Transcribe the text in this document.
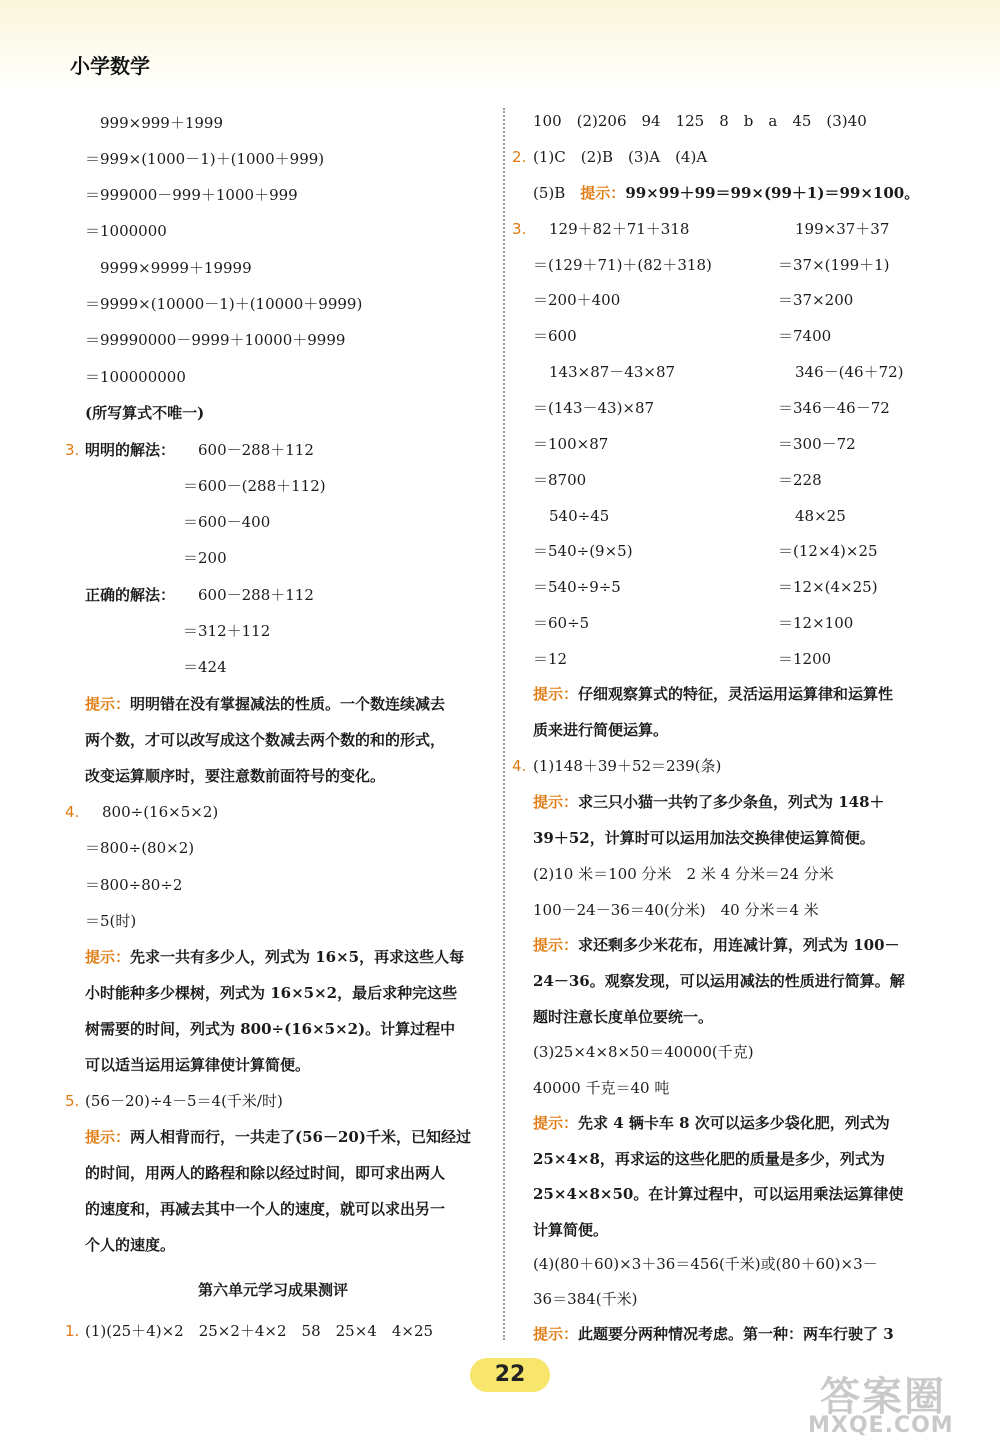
小学数学
999×999＋1999
＝999×(1000－1)＋(1000＋999)
＝999000－999＋1000＋999
＝1000000
9999×9999＋19999
＝9999×(10000－1)＋(10000＋9999)
＝99990000－9999＋10000＋9999
＝100000000
(所写算式不唯一)
3. 明明的解法： 600－288＋112
＝600－(288＋112)
＝600－400
＝200
正确的解法： 600－288＋112
＝312＋112
＝424
提示：明明错在没有掌握减法的性质。一个数连续减去
两个数，才可以改写成这个数减去两个数的和的形式，
改变运算顺序时，要注意数前面符号的变化。
4. 800÷(16×5×2)
＝800÷(80×2)
＝800÷80÷2
＝5(时)
提示：先求一共有多少人，列式为 16×5，再求这些人每
小时能种多少棵树，列式为 16×5×2，最后求种完这些
树需要的时间，列式为 800÷(16×5×2)。计算过程中
可以适当运用运算律使计算简便。
5. (56－20)÷4－5＝4(千米/时)
提示：两人相背而行，一共走了(56－20)千米，已知经过
的时间，用两人的路程和除以经过时间，即可求出两人
的速度和，再减去其中一个人的速度，就可以求出另一
个人的速度。
第六单元学习成果测评
1. (1)(25＋4)×2　25×2＋4×2　58　25×4　4×25
100　(2)206　94　125　8　b　a　45　(3)40
2. (1)C　(2)B　(3)A　(4)A
(5)B　 提示：99×99＋99＝99×(99＋1)＝99×100。
3. 129＋82＋71＋318
＝(129＋71)＋(82＋318)
＝200＋400
＝600
199×37＋37
＝37×(199＋1)
＝37×200
＝7400
143×87－43×87
＝(143－43)×87
＝100×87
＝8700
346－(46＋72)
＝346－46－72
＝300－72
＝228
540÷45
＝540÷(9×5)
＝540÷9÷5
＝60÷5
＝12
48×25
＝(12×4)×25
＝12×(4×25)
＝12×100
＝1200
提示：仔细观察算式的特征，灵活运用运算律和运算性
质来进行简便运算。
4. (1)148＋39＋52＝239(条)
提示：求三只小猫一共钓了多少条鱼，列式为 148＋
39＋52，计算时可以运用加法交换律使运算简便。
(2)10 米＝100 分米　2 米 4 分米＝24 分米
100－24－36＝40(分米)　40 分米＝4 米
提示：求还剩多少米花布，用连减计算，列式为 100－
24－36。观察发现，可以运用减法的性质进行简算。解
题时注意长度单位要统一。
(3)25×4×8×50＝40000(千克)
40000 千克＝40 吨
提示：先求 4 辆卡车 8 次可以运多少袋化肥，列式为
25×4×8，再求运的这些化肥的质量是多少，列式为
25×4×8×50。在计算过程中，可以运用乘法运算律使
计算简便。
(4)(80＋60)×3＋36＝456(千米)或(80＋60)×3－
36＝384(千米)
提示：此题要分两种情况考虑。第一种：两车行驶了 3
22	答案圈
MXQE.COM
